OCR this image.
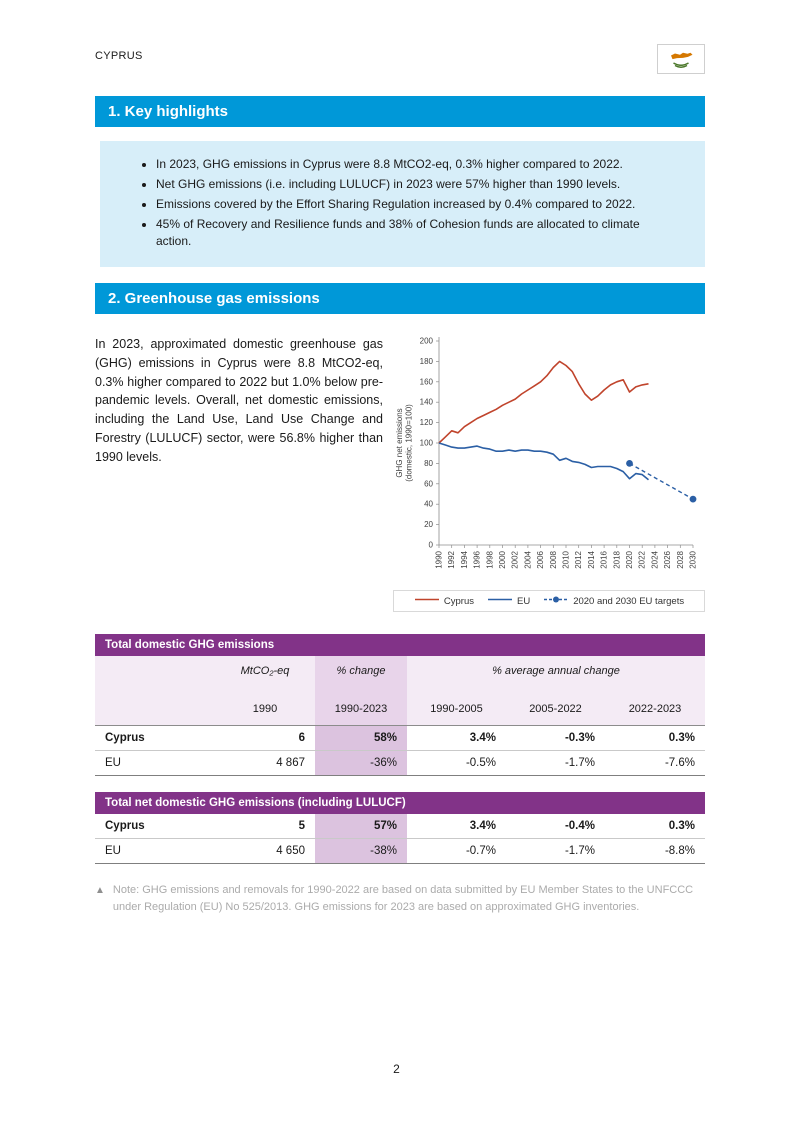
CYPRUS
1. Key highlights
• In 2023, GHG emissions in Cyprus were 8.8 MtCO2-eq, 0.3% higher compared to 2022.
• Net GHG emissions (i.e. including LULUCF) in 2023 were 57% higher than 1990 levels.
• Emissions covered by the Effort Sharing Regulation increased by 0.4% compared to 2022.
• 45% of Recovery and Resilience funds and 38% of Cohesion funds are allocated to climate action.
2. Greenhouse gas emissions

In 2023, approximated domestic greenhouse gas (GHG) emissions in Cyprus were 8.8 MtCO2-eq, 0.3% higher compared to 2022 but 1.0% below pre-pandemic levels. Overall, net domestic emissions, including the Land Use, Land Use Change and Forestry (LULUCF) sector, were 56.8% higher than 1990 levels.

0
20
40
60
80
100
120
140
160
180
200
1990 1992 1994 1996 1998 2000 2002 2004 2006 2008 2010 2012 2014 2016 2018 2020 2022 2024 2026 2028 2030
GHG net emissions (domestic, 1990=100)
Cyprus	EU	2020 and 2030 EU targets
Total domestic GHG emissions					
	MtCO₂-eq	% change	% average annual change		
	1990	1990-2023	1990-2005	2005-2022	2022-2023
Cyprus	6	58%	3.4%	-0.3%	0.3%
EU	4 867	-36%	-0.5%	-1.7%	-7.6%
Total net domestic GHG emissions (including LULUCF)					
Cyprus	5	57%	3.4%	-0.4%	0.3%
EU	4 650	-38%	-0.7%	-1.7%	-8.8%
▲ Note: GHG emissions and removals for 1990-2022 are based on data submitted by EU Member States to the UNFCCC under Regulation (EU) No 525/2013. GHG emissions for 2023 are based on approximated GHG inventories.
2
